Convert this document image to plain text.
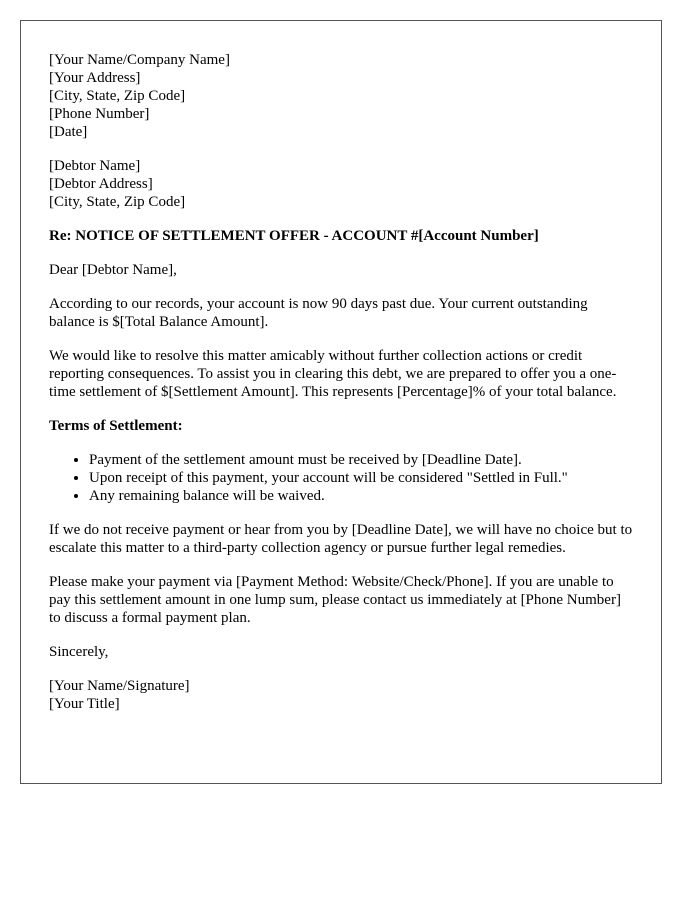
[Your Name/Company Name]
[Your Address]
[City, State, Zip Code]
[Phone Number]
[Date]
[Debtor Name]
[Debtor Address]
[City, State, Zip Code]
Re: NOTICE OF SETTLEMENT OFFER - ACCOUNT #[Account Number]

Dear [Debtor Name],

According to our records, your account is now 90 days past due. Your current outstanding balance is $[Total Balance Amount].

We would like to resolve this matter amicably without further collection actions or credit reporting consequences. To assist you in clearing this debt, we are prepared to offer you a one-time settlement of $[Settlement Amount]. This represents [Percentage]% of your total balance.

Terms of Settlement:
• Payment of the settlement amount must be received by [Deadline Date].
• Upon receipt of this payment, your account will be considered "Settled in Full."
• Any remaining balance will be waived.

If we do not receive payment or hear from you by [Deadline Date], we will have no choice but to escalate this matter to a third-party collection agency or pursue further legal remedies.

Please make your payment via [Payment Method: Website/Check/Phone]. If you are unable to pay this settlement amount in one lump sum, please contact us immediately at [Phone Number] to discuss a formal payment plan.

Sincerely,
[Your Name/Signature]
[Your Title]
